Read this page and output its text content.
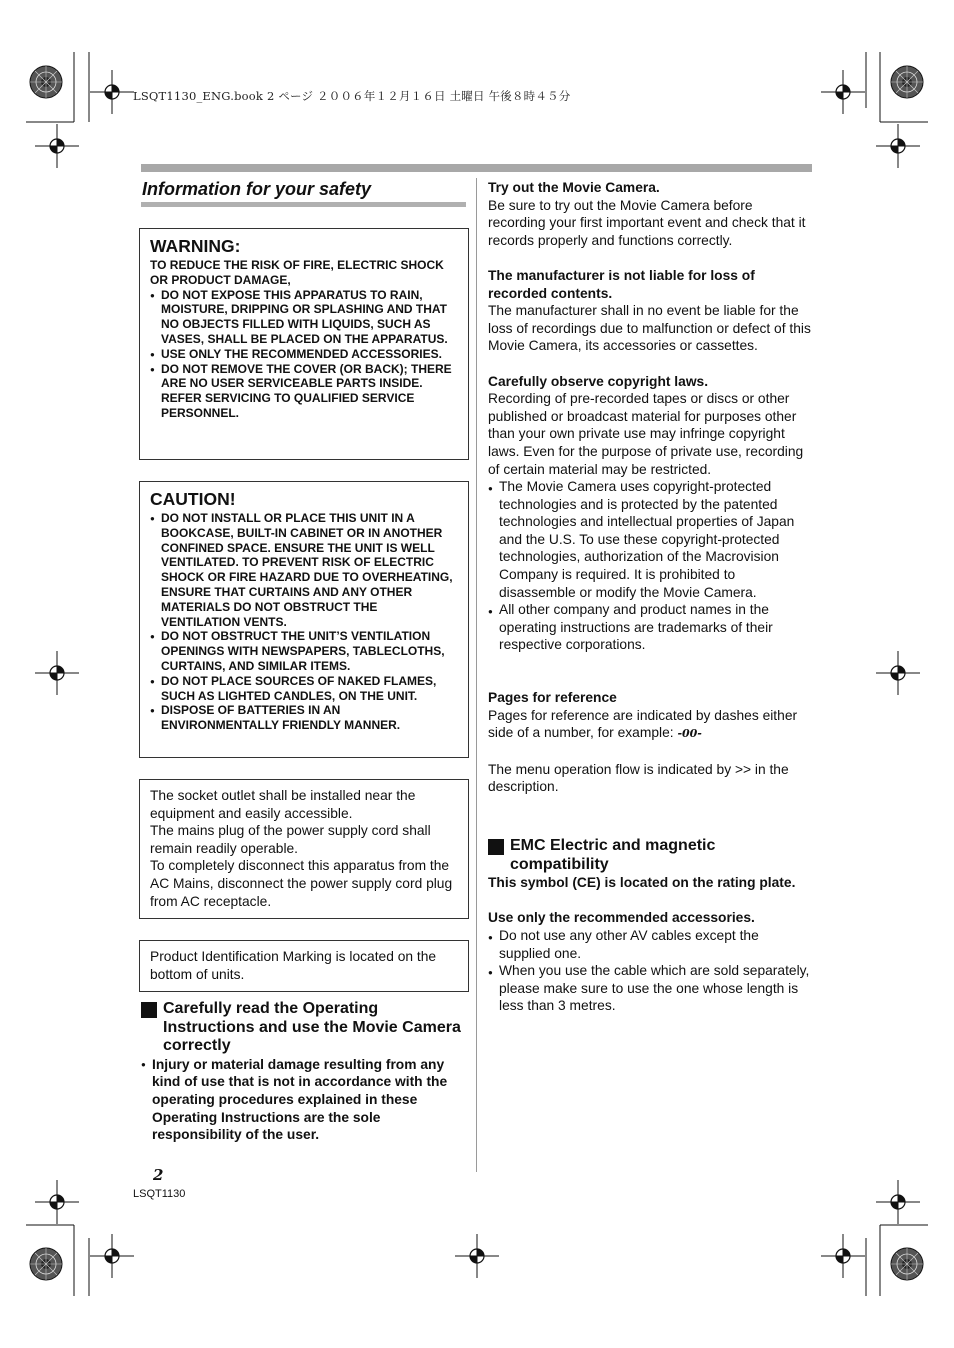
LSQT1130_ENG.book 2 ページ ２００６年１２月１６日 土曜日 午後８時４５分
Information for your safety
WARNING:
TO REDUCE THE RISK OF FIRE, ELECTRIC SHOCK OR PRODUCT DAMAGE,
● DO NOT EXPOSE THIS APPARATUS TO RAIN, MOISTURE, DRIPPING OR SPLASHING AND THAT NO OBJECTS FILLED WITH LIQUIDS, SUCH AS VASES, SHALL BE PLACED ON THE APPARATUS.
● USE ONLY THE RECOMMENDED ACCESSORIES.
● DO NOT REMOVE THE COVER (OR BACK); THERE ARE NO USER SERVICEABLE PARTS INSIDE. REFER SERVICING TO QUALIFIED SERVICE PERSONNEL.
CAUTION!
● DO NOT INSTALL OR PLACE THIS UNIT IN A BOOKCASE, BUILT-IN CABINET OR IN ANOTHER CONFINED SPACE. ENSURE THE UNIT IS WELL VENTILATED. TO PREVENT RISK OF ELECTRIC SHOCK OR FIRE HAZARD DUE TO OVERHEATING, ENSURE THAT CURTAINS AND ANY OTHER MATERIALS DO NOT OBSTRUCT THE VENTILATION VENTS.
● DO NOT OBSTRUCT THE UNIT’S VENTILATION OPENINGS WITH NEWSPAPERS, TABLECLOTHS, CURTAINS, AND SIMILAR ITEMS.
● DO NOT PLACE SOURCES OF NAKED FLAMES, SUCH AS LIGHTED CANDLES, ON THE UNIT.
● DISPOSE OF BATTERIES IN AN ENVIRONMENTALLY FRIENDLY MANNER.
The socket outlet shall be installed near the equipment and easily accessible.
The mains plug of the power supply cord shall remain readily operable.
To completely disconnect this apparatus from the AC Mains, disconnect the power supply cord plug from AC receptacle.
Product Identification Marking is located on the bottom of units.
Carefully read the Operating Instructions and use the Movie Camera correctly
● Injury or material damage resulting from any kind of use that is not in accordance with the operating procedures explained in these Operating Instructions are the sole responsibility of the user.
Try out the Movie Camera.
Be sure to try out the Movie Camera before recording your first important event and check that it records properly and functions correctly.
The manufacturer is not liable for loss of recorded contents.
The manufacturer shall in no event be liable for the loss of recordings due to malfunction or defect of this Movie Camera, its accessories or cassettes.
Carefully observe copyright laws.
Recording of pre-recorded tapes or discs or other published or broadcast material for purposes other than your own private use may infringe copyright laws. Even for the purpose of private use, recording of certain material may be restricted.
● The Movie Camera uses copyright-protected technologies and is protected by the patented technologies and intellectual properties of Japan and the U.S. To use these copyright-protected technologies, authorization of the Macrovision Company is required. It is prohibited to disassemble or modify the Movie Camera.
● All other company and product names in the operating instructions are trademarks of their respective corporations.
Pages for reference
Pages for reference are indicated by dashes either side of a number, for example: -00-
The menu operation flow is indicated by >> in the description.
EMC Electric and magnetic compatibility
This symbol (CE) is located on the rating plate.
Use only the recommended accessories.
● Do not use any other AV cables except the supplied one.
● When you use the cable which are sold separately, please make sure to use the one whose length is less than 3 metres.
2
LSQT1130
